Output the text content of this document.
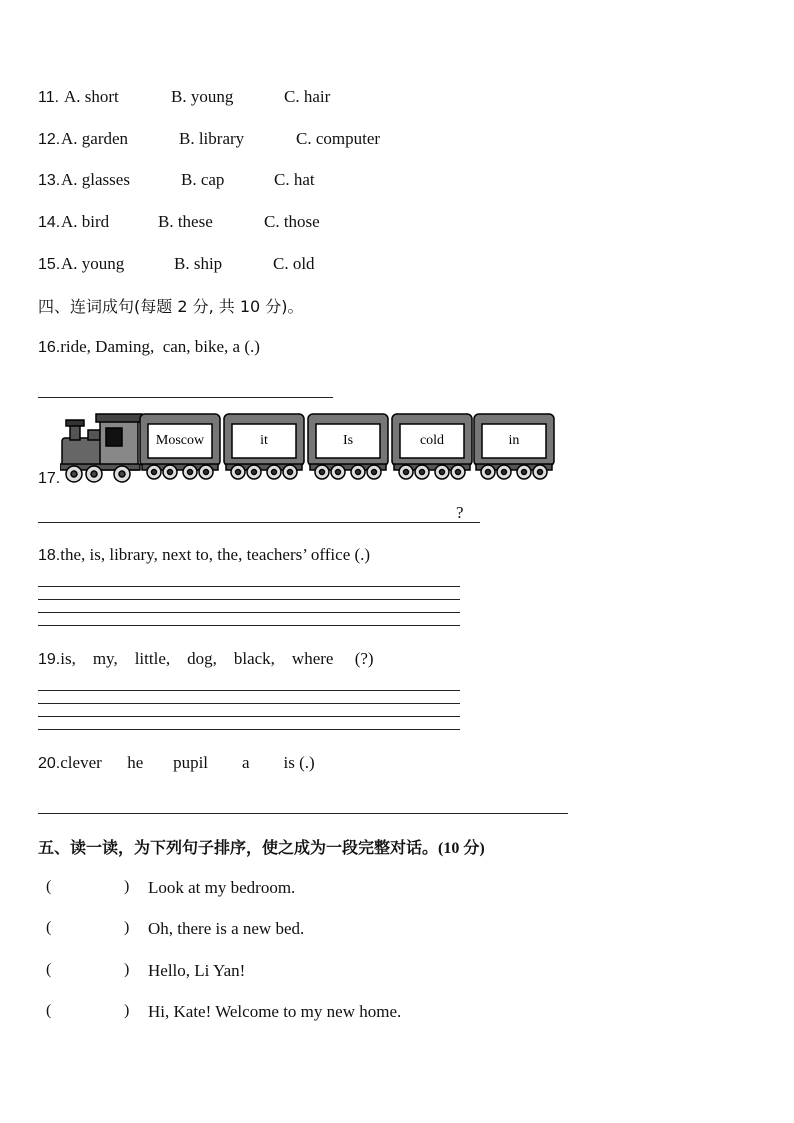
11. A. short	B. young	C. hair
12. A. garden	B. library	C. computer
13. A. glasses	B. cap	C. hat
14. A. bird	B. these	C. those
15. A. young	B. ship	C. old
四、连词成句(每题 2 分, 共 10 分)。
16.ride, Daming,  can, bike, a (.)
17.
Moscow	it	Is	cold	in
?
18.the, is, library, next to, the, teachers’ office (.)
19.is,    my,    little,    dog,    black,    where     (?)
20.clever      he       pupil        a        is (.)
五、读一读，为下列句子排序，使之成为一段完整对话。(10 分)
(	) Look at my bedroom.
(	) Oh, there is a new bed.
(	) Hello, Li Yan!
(	) Hi, Kate! Welcome to my new home.
